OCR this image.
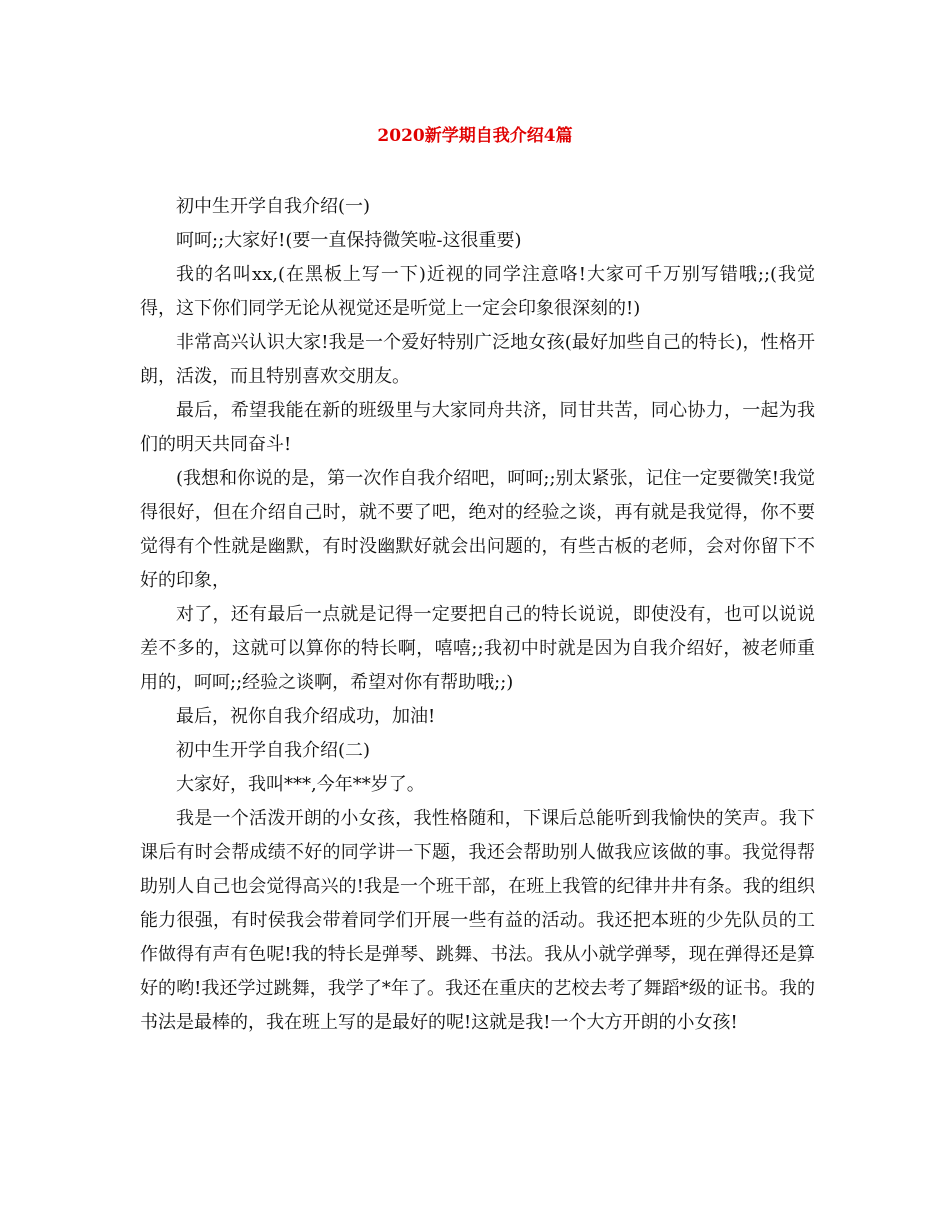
2020新学期自我介绍4篇

初中生开学自我介绍(一)

呵呵;;大家好!(要一直保持微笑啦-这很重要)

我的名叫xx,(在黑板上写一下)近视的同学注意咯!大家可千万别写错哦;;(我觉得，这下你们同学无论从视觉还是听觉上一定会印象很深刻的!)

非常高兴认识大家!我是一个爱好特别广泛地女孩(最好加些自己的特长)，性格开朗，活泼，而且特别喜欢交朋友。

最后，希望我能在新的班级里与大家同舟共济，同甘共苦，同心协力，一起为我们的明天共同奋斗!

(我想和你说的是，第一次作自我介绍吧，呵呵;;别太紧张，记住一定要微笑!我觉得很好，但在介绍自己时，就不要了吧，绝对的经验之谈，再有就是我觉得，你不要觉得有个性就是幽默，有时没幽默好就会出问题的，有些古板的老师，会对你留下不好的印象，

对了，还有最后一点就是记得一定要把自己的特长说说，即使没有，也可以说说差不多的，这就可以算你的特长啊，嘻嘻;;我初中时就是因为自我介绍好，被老师重用的，呵呵;;经验之谈啊，希望对你有帮助哦;;)

最后，祝你自我介绍成功，加油!

初中生开学自我介绍(二)

大家好，我叫***,今年**岁了。

我是一个活泼开朗的小女孩，我性格随和，下课后总能听到我愉快的笑声。我下课后有时会帮成绩不好的同学讲一下题，我还会帮助别人做我应该做的事。我觉得帮助别人自己也会觉得高兴的!我是一个班干部，在班上我管的纪律井井有条。我的组织能力很强，有时侯我会带着同学们开展一些有益的活动。我还把本班的少先队员的工作做得有声有色呢!我的特长是弹琴、跳舞、书法。我从小就学弹琴，现在弹得还是算好的哟!我还学过跳舞，我学了*年了。我还在重庆的艺校去考了舞蹈*级的证书。我的书法是最棒的，我在班上写的是最好的呢!这就是我!一个大方开朗的小女孩!
